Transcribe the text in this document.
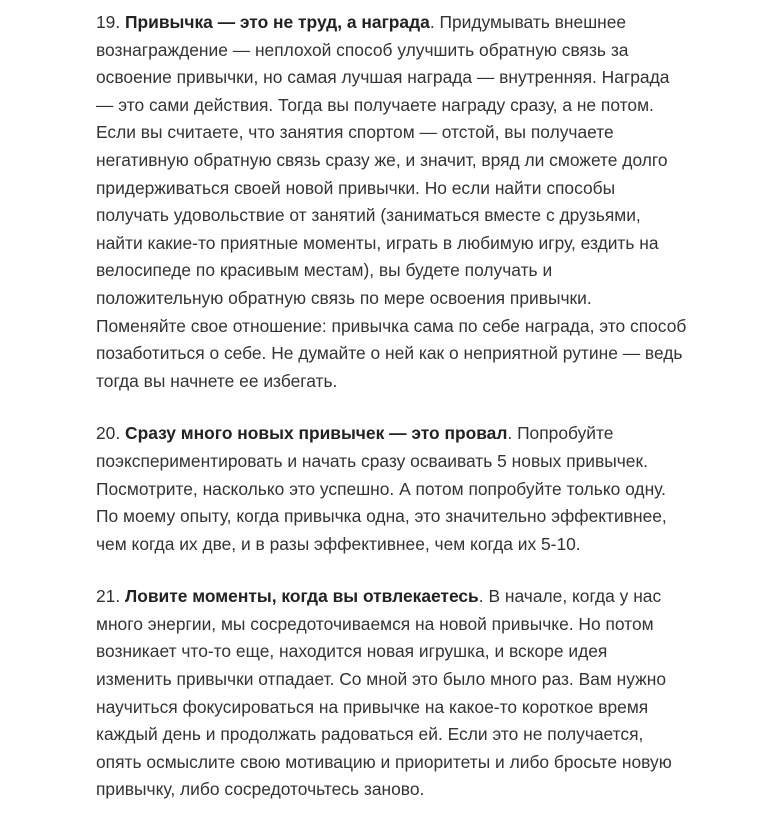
19. Привычка — это не труд, а награда. Придумывать внешнее
вознаграждение — неплохой способ улучшить обратную связь за
освоение привычки, но самая лучшая награда — внутренняя. Награда
— это сами действия. Тогда вы получаете награду сразу, а не потом.
Если вы считаете, что занятия спортом — отстой, вы получаете
негативную обратную связь сразу же, и значит, вряд ли сможете долго
придерживаться своей новой привычки. Но если найти способы
получать удовольствие от занятий (заниматься вместе с друзьями,
найти какие-то приятные моменты, играть в любимую игру, ездить на
велосипеде по красивым местам), вы будете получать и
положительную обратную связь по мере освоения привычки.
Поменяйте свое отношение: привычка сама по себе награда, это способ
позаботиться о себе. Не думайте о ней как о неприятной рутине — ведь
тогда вы начнете ее избегать.

20. Сразу много новых привычек — это провал. Попробуйте
поэкспериментировать и начать сразу осваивать 5 новых привычек.
Посмотрите, насколько это успешно. А потом попробуйте только одну.
По моему опыту, когда привычка одна, это значительно эффективнее,
чем когда их две, и в разы эффективнее, чем когда их 5-10.

21. Ловите моменты, когда вы отвлекаетесь. В начале, когда у нас
много энергии, мы сосредоточиваемся на новой привычке. Но потом
возникает что-то еще, находится новая игрушка, и вскоре идея
изменить привычки отпадает. Со мной это было много раз. Вам нужно
научиться фокусироваться на привычке на какое-то короткое время
каждый день и продолжать радоваться ей. Если это не получается,
опять осмыслите свою мотивацию и приоритеты и либо бросьте новую
привычку, либо сосредоточьтесь заново.
